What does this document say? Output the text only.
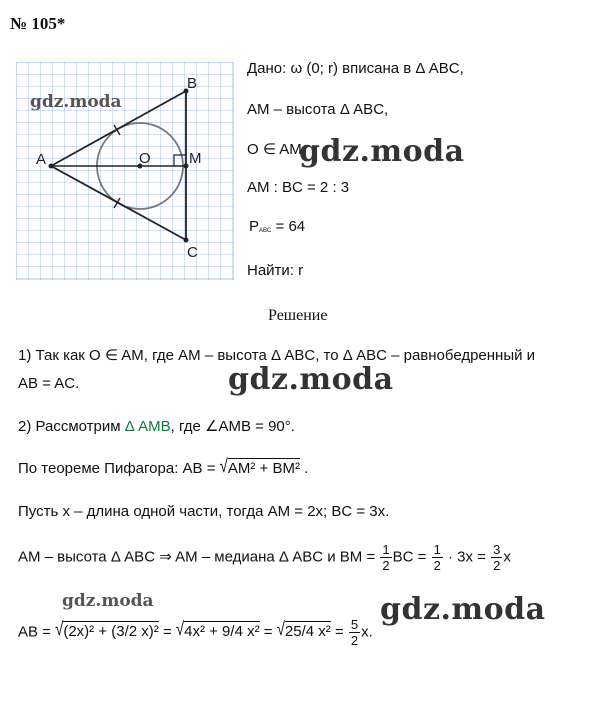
№ 105*
A	O	M
B
C
gdz.moda
Дано: ω (0; r) вписана в Δ ABC,
AM – высота Δ ABC,
O ∈ AM,
AM : BC = 2 : 3
PABC = 64
Найти: r
gdz.moda
Решение
1) Так как O ∈ AM, где AM – высота Δ ABC, то Δ ABC – равнобедренный и
AB = AC.	gdz.moda
2) Рассмотрим Δ AMB, где ∠AMB = 90°.
По теореме Пифагора: AB = √
AM² + BM² .
Пусть x – длина одной части, тогда AM = 2x; BC = 3x.
AM – высота Δ ABC ⇒ AM – медиана Δ ABC и BM = $\frac{1}{2}$ BC = $\frac{1}{2} \cdot 3x = \frac{3}{2}$ x
gdz.moda
AB = √
(2x)² + (3/2 x)² = √
4x² + 9/4 x² = √
25/4 $x^2 = \frac{5}{2} x$.
gdz.moda
